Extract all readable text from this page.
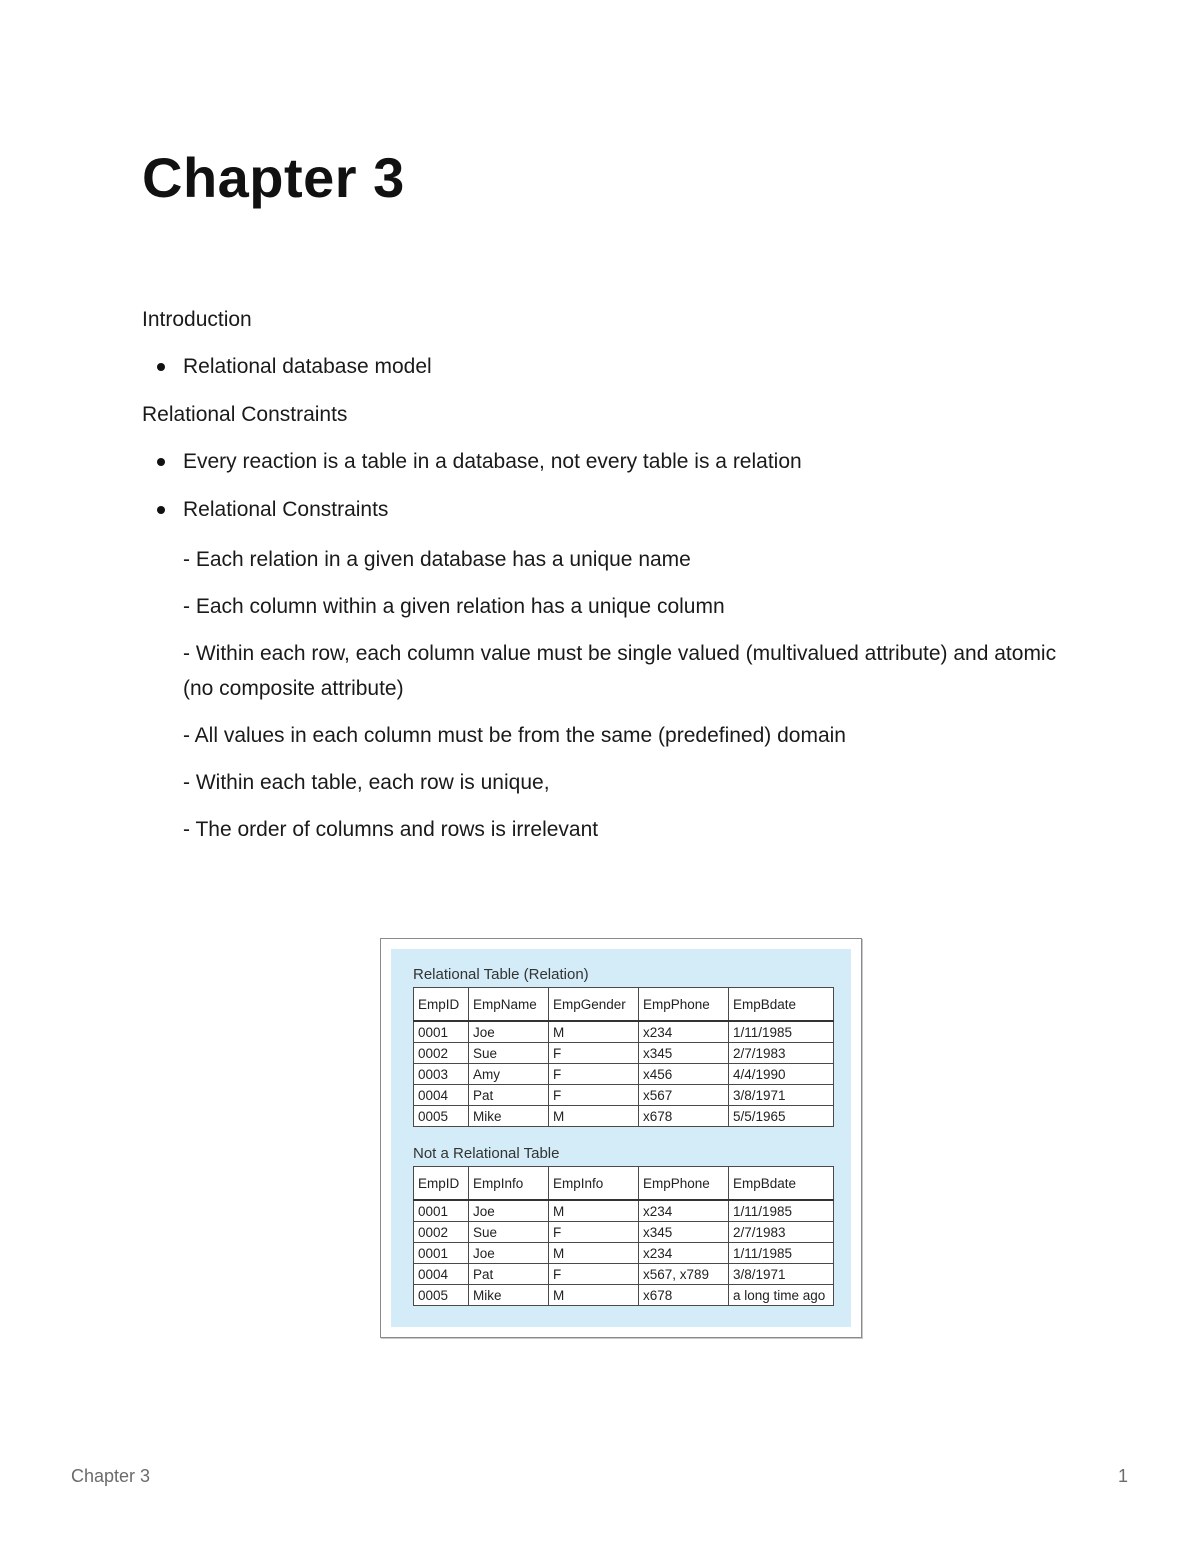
Chapter 3

Introduction

Relational database model

Relational Constraints

Every reaction is a table in a database, not every table is a relation
Relational Constraints

- Each relation in a given database has a unique name

- Each column within a given relation has a unique column

- Within each row, each column value must be single valued (multivalued attribute) and atomic (no composite attribute)

- All values in each column must be from the same (predefined) domain

- Within each table, each row is unique,

- The order of columns and rows is irrelevant

Relational Table (Relation)
EmpID	EmpName	EmpGender	EmpPhone	EmpBdate
0001	Joe	M	x234	1/11/1985
0002	Sue	F	x345	2/7/1983
0003	Amy	F	x456	4/4/1990
0004	Pat	F	x567	3/8/1971
0005	Mike	M	x678	5/5/1965
Not a Relational Table
EmpID	EmpInfo	EmpInfo	EmpPhone	EmpBdate
0001	Joe	M	x234	1/11/1985
0002	Sue	F	x345	2/7/1983
0001	Joe	M	x234	1/11/1985
0004	Pat	F	x567, x789	3/8/1971
0005	Mike	M	x678	a long time ago
Chapter 3	1
